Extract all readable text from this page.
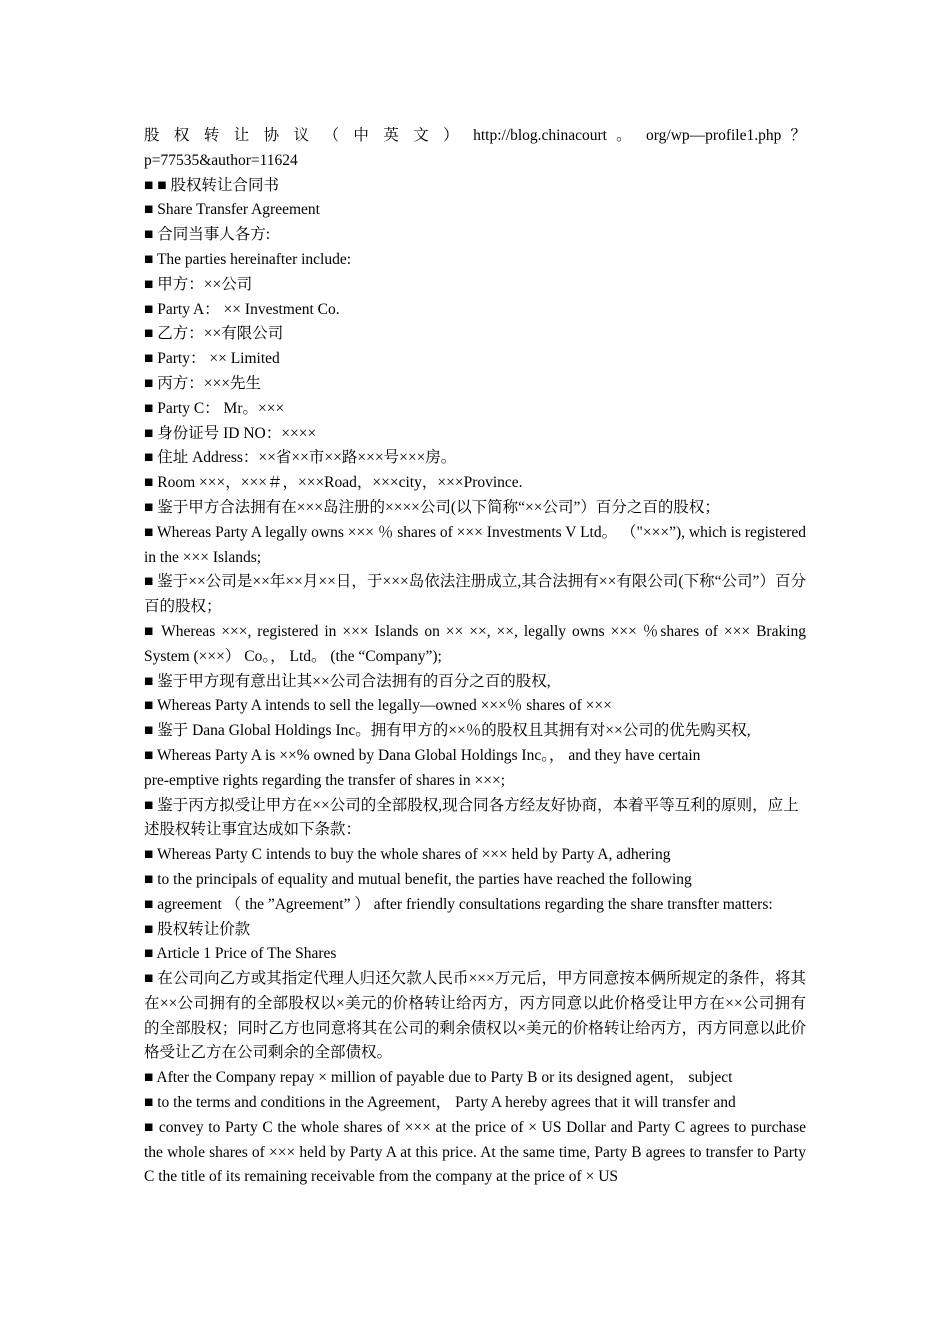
股 权 转 让 协 议 （ 中 英 文 ） http://blog.chinacourt 。 org/wp—profile1.php ？

p=77535&author=11624

■ ■ 股权转让合同书

■ Share Transfer Agreement

■ 合同当事人各方:

■ The parties hereinafter include:

■ 甲方：××公司

■ Party A： ×× Investment Co.

■ 乙方：××有限公司

■ Party： ×× Limited

■ 丙方：×××先生

■ Party C： Mr。×××

■ 身份证号 ID NO：××××

■ 住址 Address：××省××市××路×××号×××房。

■ Room ×××，×××＃，×××Road，×××city，×××Province.

■ 鉴于甲方合法拥有在×××岛注册的××××公司(以下简称“××公司”）百分之百的股权；

■ Whereas Party A legally owns ××× ％ shares of ××× Investments V Ltd。 （"×××”), which is registered in the ××× Islands;

■ 鉴于××公司是××年××月××日，于×××岛依法注册成立,其合法拥有××有限公司(下称“公司”）百分百的股权；

■ Whereas ×××, registered in ××× Islands on ×× ××, ××, legally owns ××× ％shares of ××× Braking System (×××） Co。， Ltd。 (the “Company”);

■ 鉴于甲方现有意出让其××公司合法拥有的百分之百的股权,

■ Whereas Party A intends to sell the legally—owned ×××％ shares of ×××

■ 鉴于 Dana Global Holdings Inc。拥有甲方的××％的股权且其拥有对××公司的优先购买权,

■ Whereas Party A is ××% owned by Dana Global Holdings Inc。， and they have certain

pre-emptive rights regarding the transfer of shares in ×××;

■ 鉴于丙方拟受让甲方在××公司的全部股权,现合同各方经友好协商，本着平等互利的原则，应上述股权转让事宜达成如下条款：

■ Whereas Party C intends to buy the whole shares of ××× held by Party A, adhering

■ to the principals of equality and mutual benefit, the parties have reached the following

■ agreement （ the ”Agreement” ） after friendly consultations regarding the share transfter matters:

■ 股权转让价款

■ Article 1 Price of The Shares

■ 在公司向乙方或其指定代理人归还欠款人民币×××万元后，甲方同意按本俩所规定的条件，将其在××公司拥有的全部股权以×美元的价格转让给丙方，丙方同意以此价格受让甲方在××公司拥有的全部股权；同时乙方也同意将其在公司的剩余债权以×美元的价格转让给丙方，丙方同意以此价格受让乙方在公司剩余的全部债权。

■ After the Company repay × million of payable due to Party B or its designed agent， subject

■ to the terms and conditions in the Agreement， Party A hereby agrees that it will transfer and

■ convey to Party C the whole shares of ××× at the price of × US Dollar and Party C agrees to purchase the whole shares of ××× held by Party A at this price. At the same time, Party B agrees to transfer to Party C the title of its remaining receivable from the company at the price of × US
